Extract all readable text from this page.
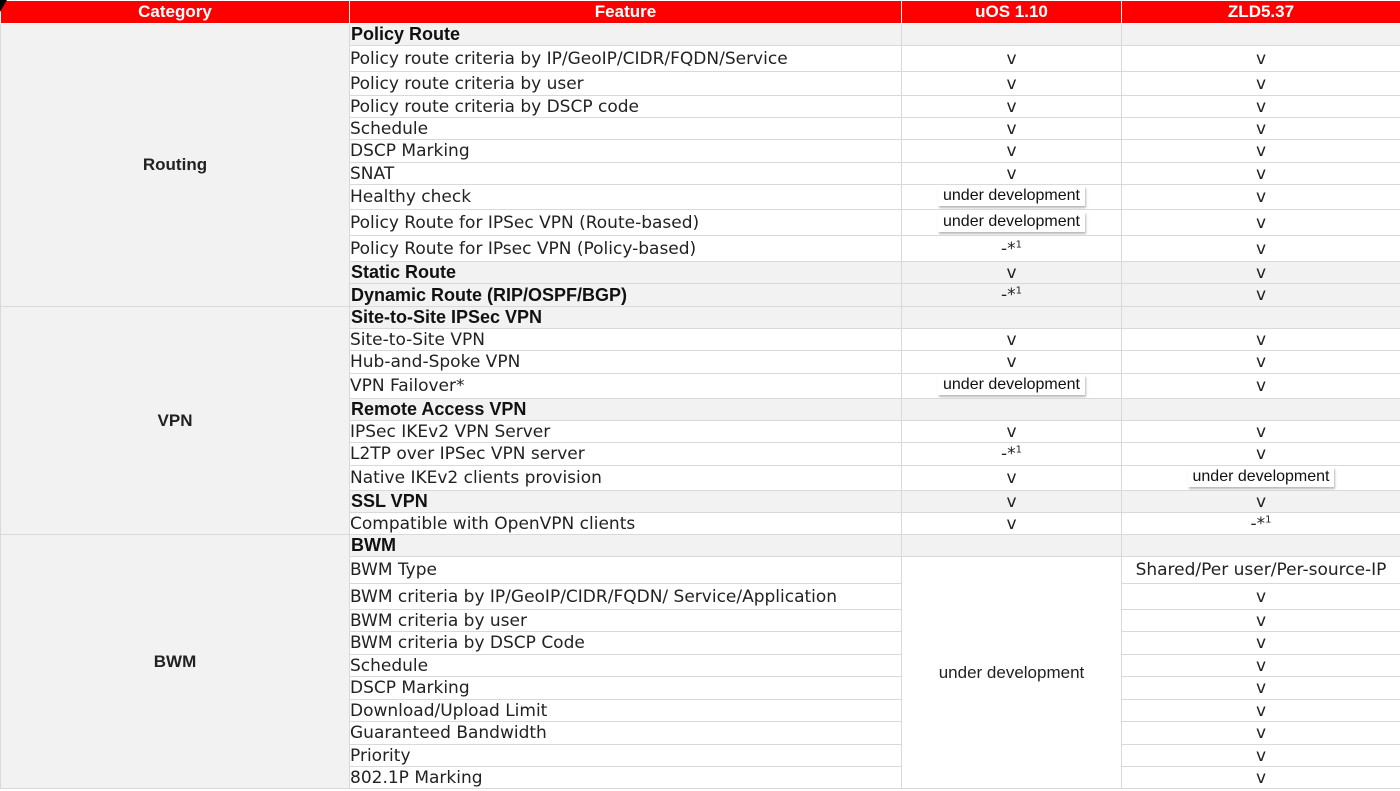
Category	Feature	uOS 1.10	ZLD5.37
Routing	Policy Route		
	Policy route criteria by IP/GeoIP/CIDR/FQDN/Service	v	v
	Policy route criteria by user	v	v
	Policy route criteria by DSCP code	v	v
	Schedule	v	v
	DSCP Marking	v	v
	SNAT	v	v
	Healthy check	under development	v
	Policy Route for IPSec VPN (Route-based)	under development	v
	Policy Route for IPsec VPN (Policy-based)	-*$^1$	v
	Static Route	v	v
	Dynamic Route (RIP/OSPF/BGP)	-*$^1$	v
VPN	Site-to-Site IPSec VPN		
	Site-to-Site VPN	v	v
	Hub-and-Spoke VPN	v	v
	VPN Failover*	under development	v
	Remote Access VPN		
	IPSec IKEv2 VPN Server	v	v
	L2TP over IPSec VPN server	-*$^1$	v
	Native IKEv2 clients provision	v	under development
	SSL VPN	v	v
	Compatible with OpenVPN clients	v	-*$^1$
BWM	BWM		
	BWM Type	under development	Shared/Per user/Per-source-IP
	BWM criteria by IP/GeoIP/CIDR/FQDN/ Service/Application		v
	BWM criteria by user		v
	BWM criteria by DSCP Code		v
	Schedule		v
	DSCP Marking		v
	Download/Upload Limit		v
	Guaranteed Bandwidth		v
	Priority		v
	802.1P Marking		v
